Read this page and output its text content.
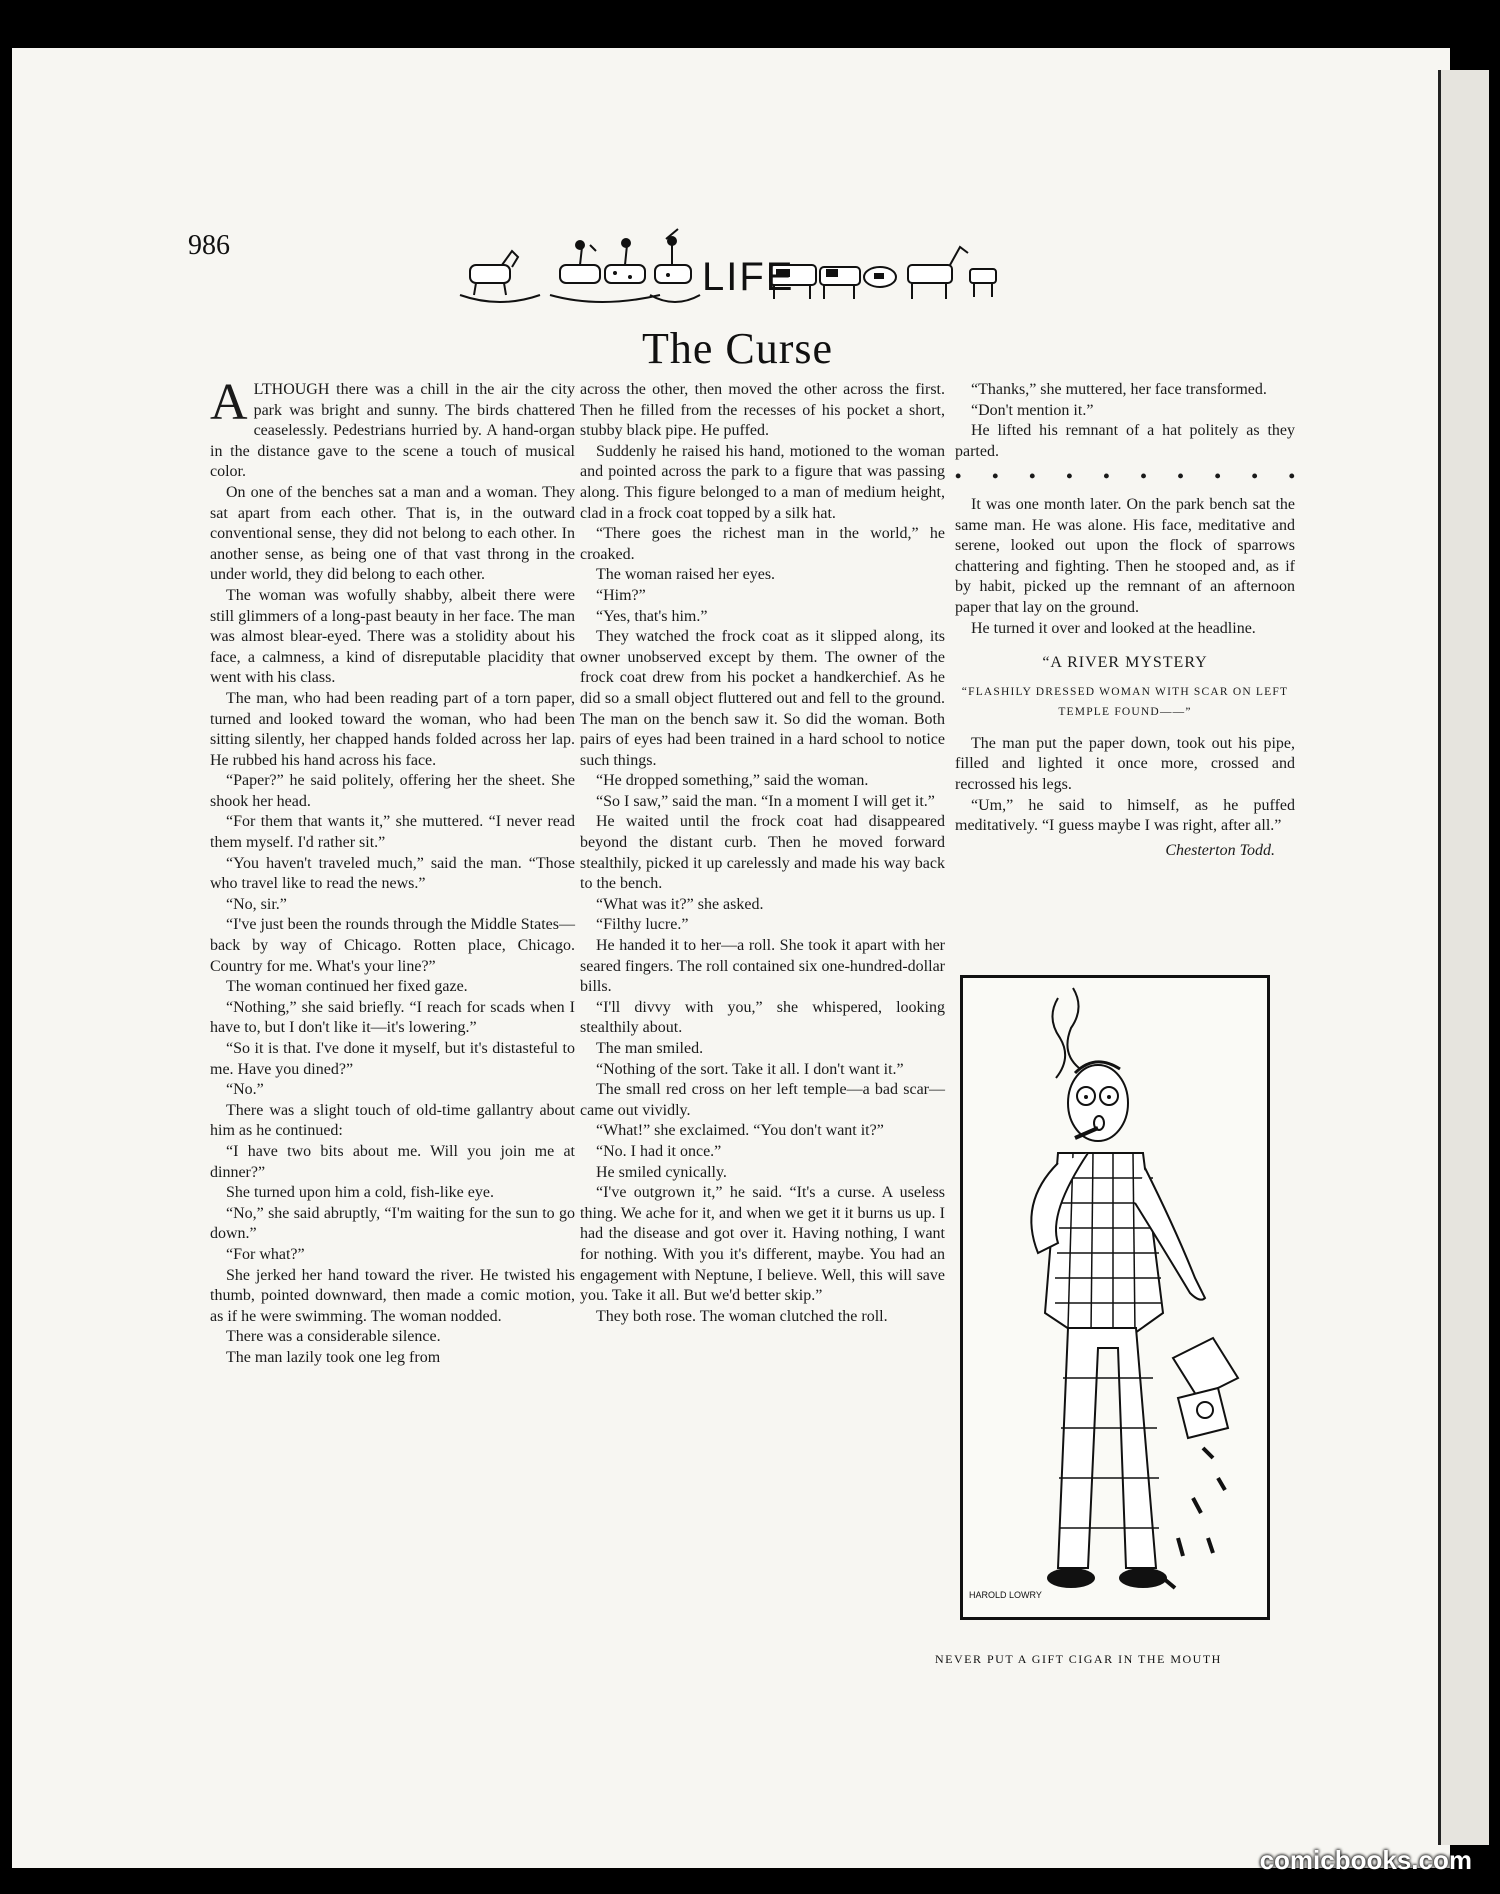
986
LIFE
The Curse

ALTHOUGH there was a chill in the air the city park was bright and sunny. The birds chattered ceaselessly. Pedestrians hurried by. A hand-organ in the distance gave to the scene a touch of musical color.

On one of the benches sat a man and a woman. They sat apart from each other. That is, in the outward conventional sense, they did not belong to each other. In another sense, as being one of that vast throng in the under world, they did belong to each other.

The woman was wofully shabby, albeit there were still glimmers of a long-past beauty in her face. The man was almost blear-eyed. There was a stolidity about his face, a calmness, a kind of disreputable placidity that went with his class.

The man, who had been reading part of a torn paper, turned and looked toward the woman, who had been sitting silently, her chapped hands folded across her lap. He rubbed his hand across his face.

“Paper?” he said politely, offering her the sheet. She shook her head.

“For them that wants it,” she muttered. “I never read them myself. I'd rather sit.”

“You haven't traveled much,” said the man. “Those who travel like to read the news.”

“No, sir.”

“I've just been the rounds through the Middle States—back by way of Chicago. Rotten place, Chicago. Country for me. What's your line?”

The woman continued her fixed gaze.

“Nothing,” she said briefly. “I reach for scads when I have to, but I don't like it—it's lowering.”

“So it is that. I've done it myself, but it's distasteful to me. Have you dined?”

“No.”

There was a slight touch of old-time gallantry about him as he continued:

“I have two bits about me. Will you join me at dinner?”

She turned upon him a cold, fish-like eye.

“No,” she said abruptly, “I'm waiting for the sun to go down.”

“For what?”

She jerked her hand toward the river. He twisted his thumb, pointed downward, then made a comic motion, as if he were swimming. The woman nodded.

There was a considerable silence.

The man lazily took one leg from

across the other, then moved the other across the first. Then he filled from the recesses of his pocket a short, stubby black pipe. He puffed.

Suddenly he raised his hand, motioned to the woman and pointed across the park to a figure that was passing along. This figure belonged to a man of medium height, clad in a frock coat topped by a silk hat.

“There goes the richest man in the world,” he croaked.

The woman raised her eyes.

“Him?”

“Yes, that's him.”

They watched the frock coat as it slipped along, its owner unobserved except by them. The owner of the frock coat drew from his pocket a handkerchief. As he did so a small object fluttered out and fell to the ground. The man on the bench saw it. So did the woman. Both pairs of eyes had been trained in a hard school to notice such things.

“He dropped something,” said the woman.

“So I saw,” said the man. “In a moment I will get it.”

He waited until the frock coat had disappeared beyond the distant curb. Then he moved forward stealthily, picked it up carelessly and made his way back to the bench.

“What was it?” she asked.

“Filthy lucre.”

He handed it to her—a roll. She took it apart with her seared fingers. The roll contained six one-hundred-dollar bills.

“I'll divvy with you,” she whispered, looking stealthily about.

The man smiled.

“Nothing of the sort. Take it all. I don't want it.”

The small red cross on her left temple—a bad scar—came out vividly.

“What!” she exclaimed. “You don't want it?”

“No. I had it once.”

He smiled cynically.

“I've outgrown it,” he said. “It's a curse. A useless thing. We ache for it, and when we get it it burns us up. I had the disease and got over it. Having nothing, I want for nothing. With you it's different, maybe. You had an engagement with Neptune, I believe. Well, this will save you. Take it all. But we'd better skip.”

They both rose. The woman clutched the roll.

“Thanks,” she muttered, her face transformed.

“Don't mention it.”

He lifted his remnant of a hat politely as they parted.

• • • • • • • • • •

It was one month later. On the park bench sat the same man. He was alone. His face, meditative and serene, looked out upon the flock of sparrows chattering and fighting. Then he stooped and, as if by habit, picked up the remnant of an afternoon paper that lay on the ground.

He turned it over and looked at the headline.

“A RIVER MYSTERY

“FLASHILY DRESSED WOMAN WITH SCAR ON LEFT TEMPLE FOUND——”

The man put the paper down, took out his pipe, filled and lighted it once more, crossed and recrossed his legs.

“Um,” he said to himself, as he puffed meditatively. “I guess maybe I was right, after all.”

Chesterton Todd.

HAROLD LOWRY
NEVER PUT A GIFT CIGAR IN THE MOUTH
comicbooks.com
